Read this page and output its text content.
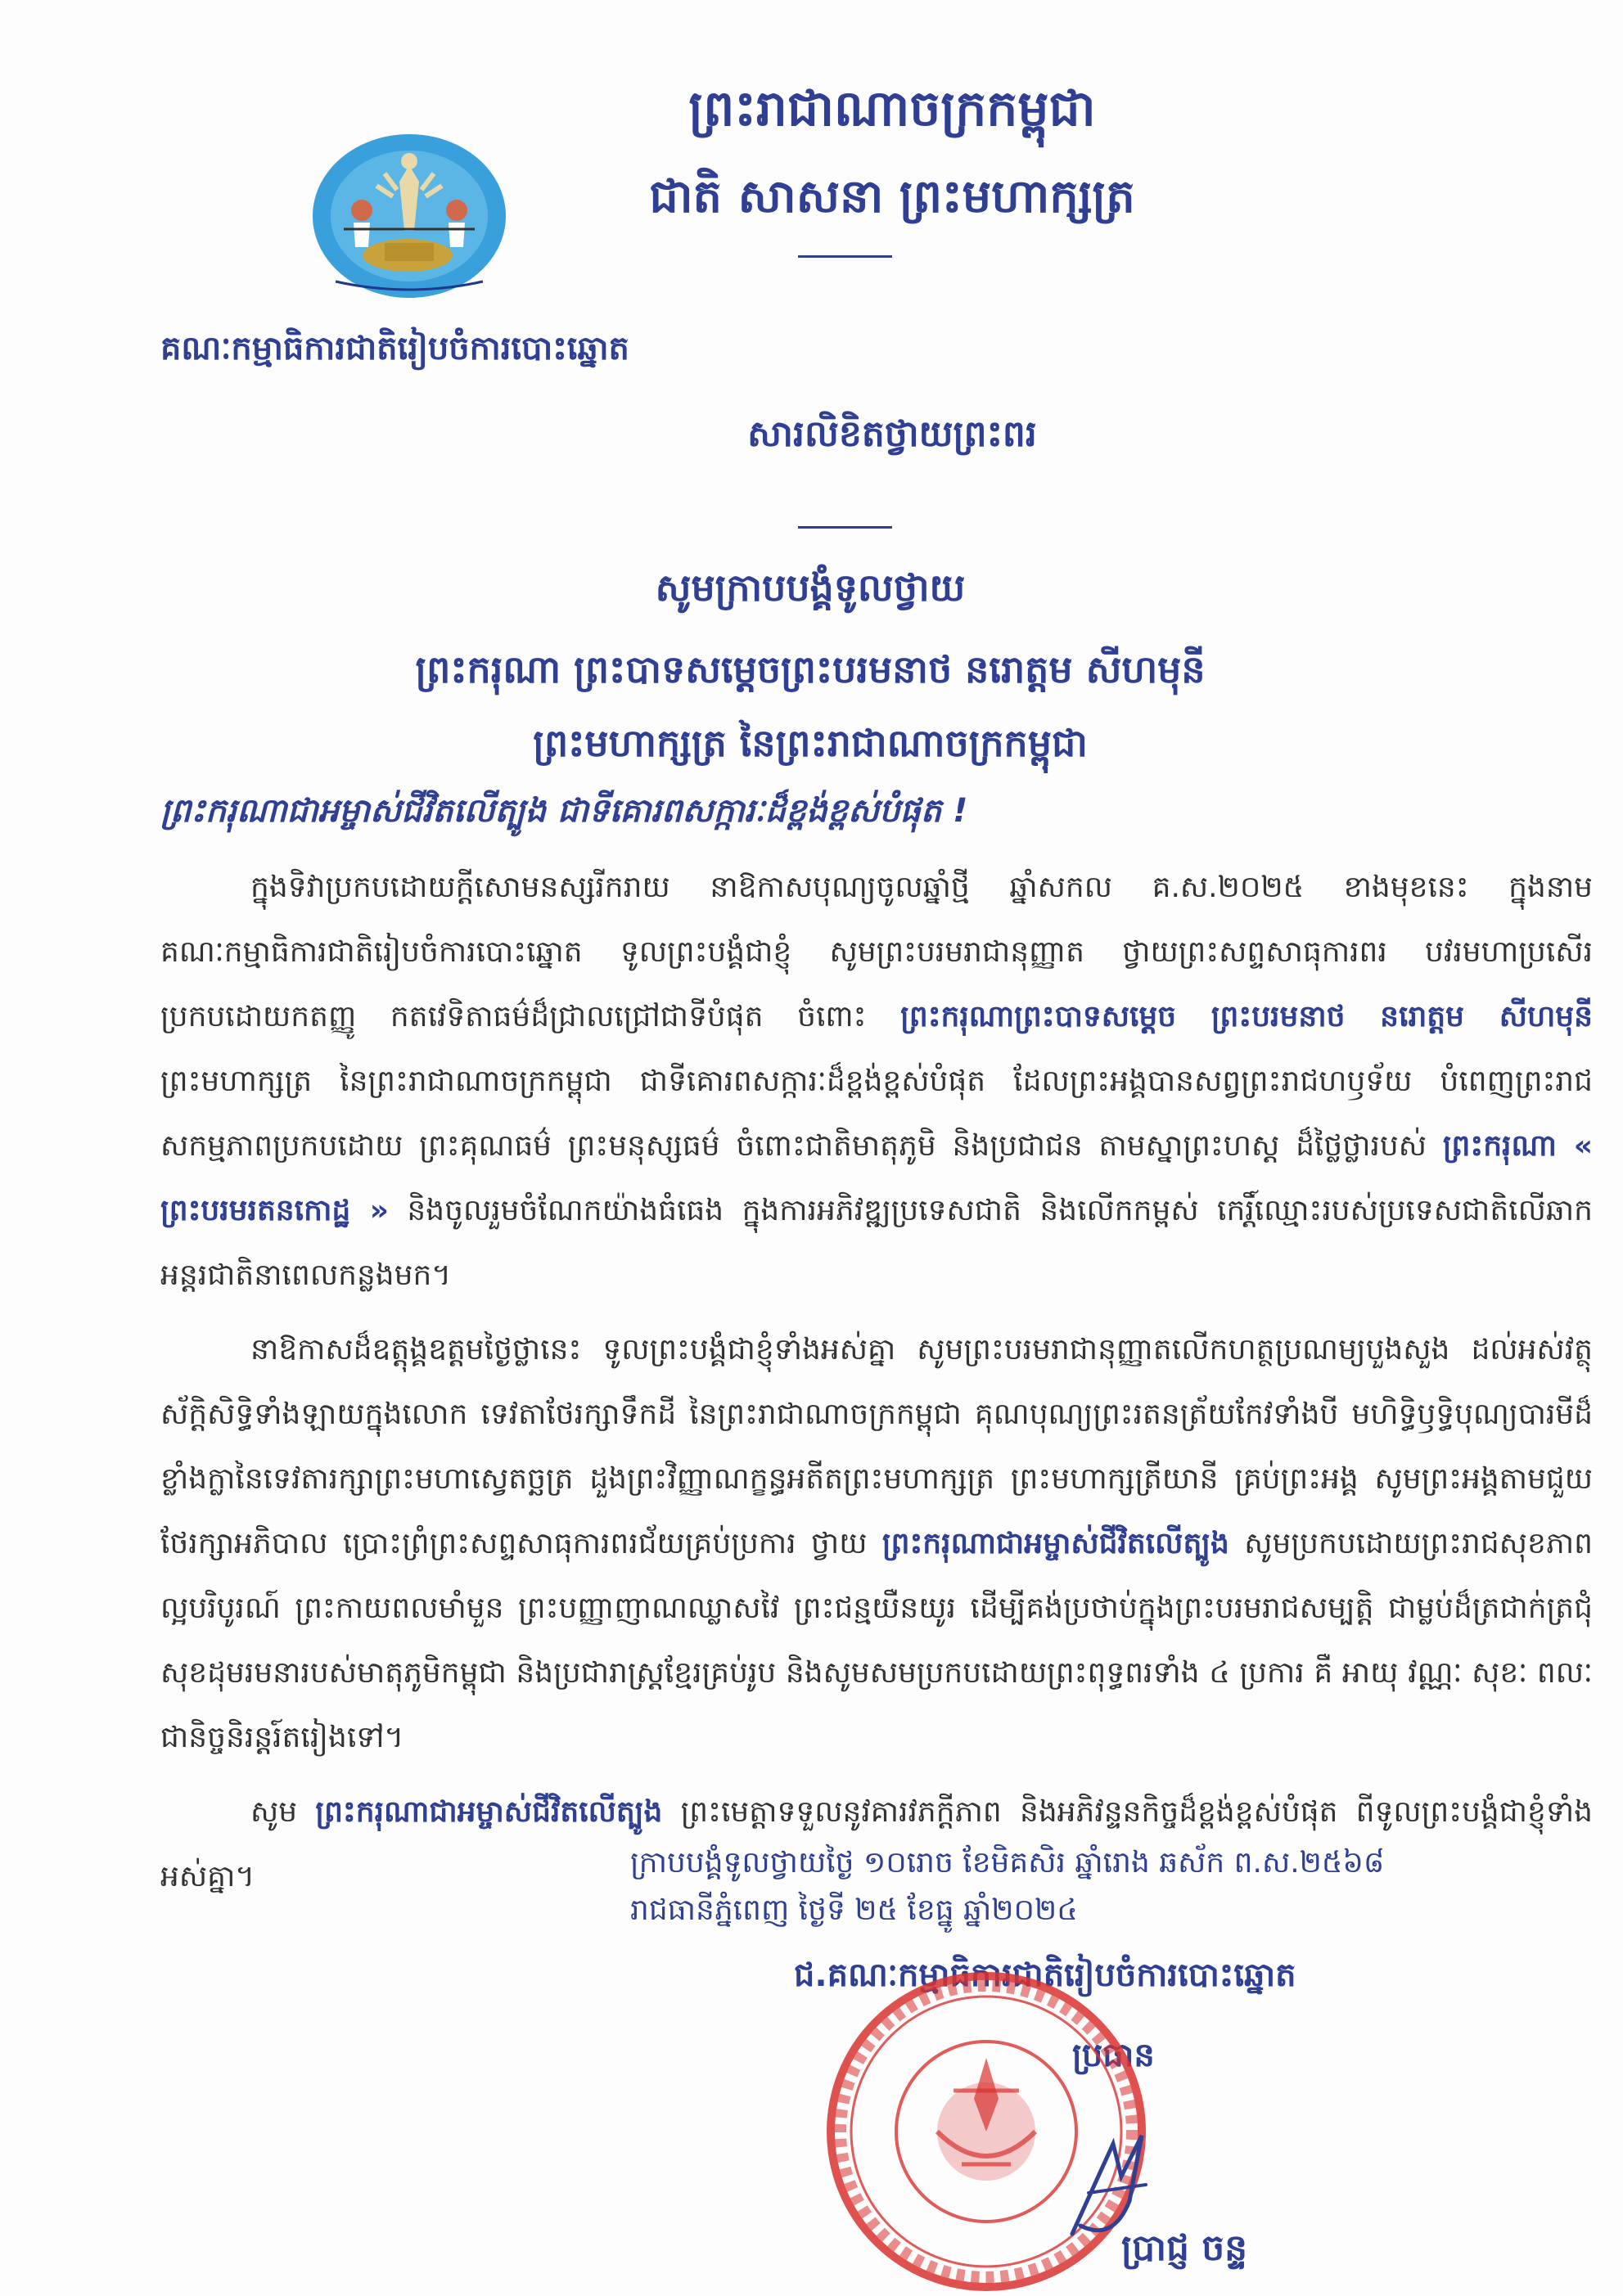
ព្រះរាជាណាចក្រកម្ពុជា
ជាតិ សាសនា ព្រះមហាក្សត្រ
គណៈកម្មាធិការជាតិរៀបចំការបោះឆ្នោត
សារលិខិតថ្វាយព្រះពរ
សូមក្រាបបង្គំទូលថ្វាយ
ព្រះករុណា ព្រះបាទសម្តេចព្រះបរមនាថ នរោត្តម សីហមុនី
ព្រះមហាក្សត្រ នៃព្រះរាជាណាចក្រកម្ពុជា
ព្រះករុណាជាអម្ចាស់ជីវិតលើត្បូង ជាទីគោរពសក្ការៈដ៏ខ្ពង់ខ្ពស់បំផុត !

ក្នុងទិវាប្រកបដោយក្តីសោមនស្សរីករាយ នាឱកាសបុណ្យចូលឆ្នាំថ្មី ឆ្នាំសកល គ.ស.២០២៥ ខាងមុខនេះ ក្នុងនាម គណៈកម្មាធិការជាតិរៀបចំការបោះឆ្នោត ទូលព្រះបង្គំជាខ្ញុំ សូមព្រះបរមរាជានុញ្ញាត ថ្វាយព្រះសព្ទសាធុការពរ បវរមហាប្រសើរ ប្រកបដោយកតញ្ញូ កតវេទិតាធម៌ដ៏ជ្រាលជ្រៅជាទីបំផុត ចំពោះ ព្រះករុណាព្រះបាទសម្តេច ព្រះបរមនាថ នរោត្តម សីហមុនី ព្រះមហាក្សត្រ នៃព្រះរាជាណាចក្រកម្ពុជា ជាទីគោរពសក្ការៈដ៏ខ្ពង់ខ្ពស់បំផុត ដែលព្រះអង្គបានសព្វព្រះរាជហឫទ័យ បំពេញព្រះរាជសកម្មភាពប្រកបដោយ ព្រះគុណធម៌ ព្រះមនុស្សធម៌ ចំពោះជាតិមាតុភូមិ និងប្រជាជន តាមស្នាព្រះហស្ត ដ៏ថ្លៃថ្លារបស់ ព្រះករុណា « ព្រះបរមរតនកោដ្ឋ » និងចូលរួមចំណែកយ៉ាងធំធេង ក្នុងការអភិវឌ្ឍប្រទេសជាតិ និងលើកកម្ពស់ កេរ្តិ៍ឈ្មោះរបស់ប្រទេសជាតិលើឆាកអន្តរជាតិនាពេលកន្លងមក។

នាឱកាសដ៏ឧត្តុង្គឧត្តមថ្ងៃថ្លានេះ ទូលព្រះបង្គំជាខ្ញុំទាំងអស់គ្នា សូមព្រះបរមរាជានុញ្ញាតលើកហត្ថប្រណម្យបួងសួង ដល់អស់វត្ថុស័ក្តិសិទ្ធិទាំងឡាយក្នុងលោក ទេវតាថែរក្សាទឹកដី នៃព្រះរាជាណាចក្រកម្ពុជា គុណបុណ្យព្រះរតនត្រ័យកែវទាំងបី មហិទ្ធិឫទ្ធិបុណ្យបារមីដ៏ខ្លាំងក្លានៃទេវតារក្សាព្រះមហាស្វេតច្ឆត្រ ដួងព្រះវិញ្ញាណក្ខន្ធអតីតព្រះមហាក្សត្រ ព្រះមហាក្សត្រីយានី គ្រប់ព្រះអង្គ សូមព្រះអង្គតាមជួយថែរក្សាអភិបាល ប្រោះព្រំព្រះសព្ទសាធុការពរជ័យគ្រប់ប្រការ ថ្វាយ ព្រះករុណាជាអម្ចាស់ជីវិតលើត្បូង សូមប្រកបដោយព្រះរាជសុខភាពល្អបរិបូរណ៍ ព្រះកាយពលមាំមួន ព្រះបញ្ញាញាណឈ្លាសវៃ ព្រះជន្មយឺនយូរ ដើម្បីគង់ប្រថាប់ក្នុងព្រះបរមរាជសម្បត្តិ ជាម្លប់ដ៏ត្រជាក់ត្រជុំសុខដុមរមនារបស់មាតុភូមិកម្ពុជា និងប្រជារាស្ត្រខ្មែរគ្រប់រូប និងសូមសមប្រកបដោយព្រះពុទ្ធពរទាំង ៤ ប្រការ គឺ អាយុ វណ្ណៈ សុខៈ ពលៈ ជានិច្ចនិរន្តរ៍តរៀងទៅ។

សូម ព្រះករុណាជាអម្ចាស់ជីវិតលើត្បូង ព្រះមេត្តាទទួលនូវគារវភក្តីភាព និងអភិវន្ទនកិច្ចដ៏ខ្ពង់ខ្ពស់បំផុត ពីទូលព្រះបង្គំជាខ្ញុំទាំងអស់គ្នា។	ក្រាបបង្គំទូលថ្វាយថ្ងៃ ១០រោច ខែមិគសិរ ឆ្នាំរោង ឆស័ក ព.ស.២៥៦៨
រាជធានីភ្នំពេញ ថ្ងៃទី ២៥ ខែធ្នូ ឆ្នាំ២០២៤
ជ.គណៈកម្មាធិការជាតិរៀបចំការបោះឆ្នោត
ប្រធាន
ប្រាជ្ញ ចន្ទ
